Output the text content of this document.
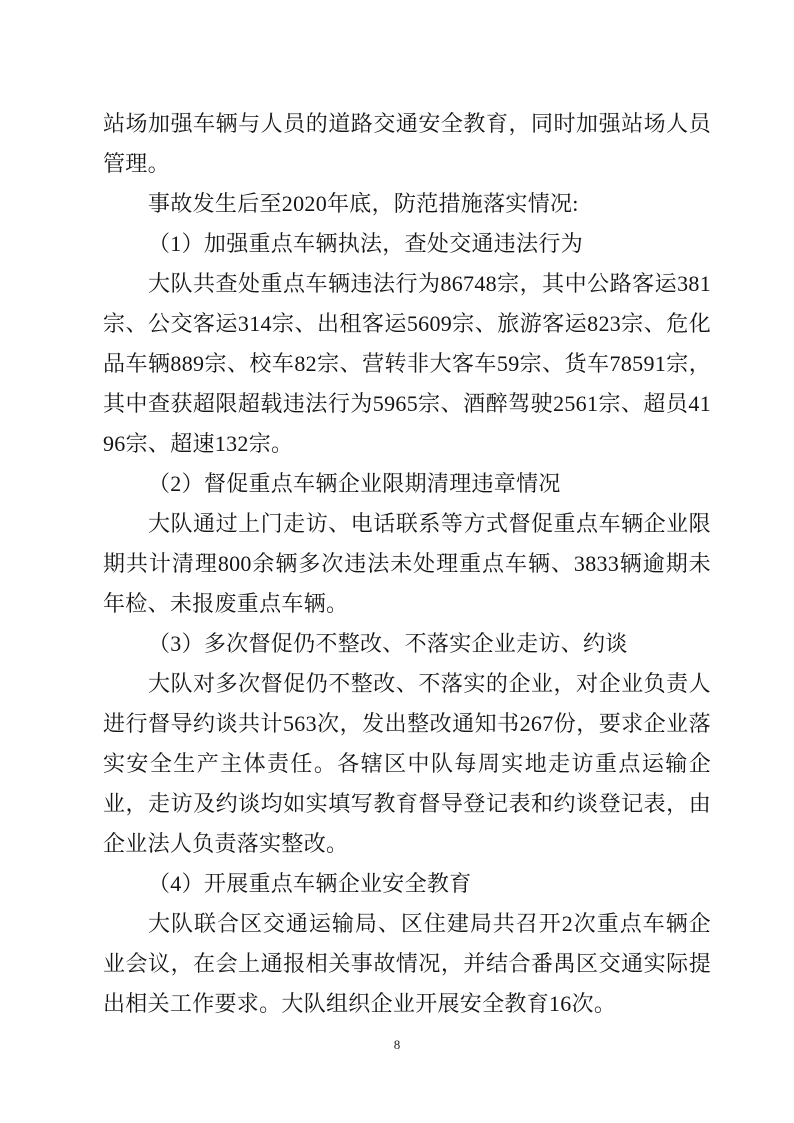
站场加强车辆与人员的道路交通安全教育，同时加强站场人员管理。

事故发生后至2020年底，防范措施落实情况:

（1）加强重点车辆执法，查处交通违法行为

大队共查处重点车辆违法行为86748宗，其中公路客运381宗、公交客运314宗、出租客运5609宗、旅游客运823宗、危化品车辆889宗、校车82宗、营转非大客车59宗、货车78591宗，其中查获超限超载违法行为5965宗、酒醉驾驶2561宗、超员4196宗、超速132宗。

（2）督促重点车辆企业限期清理违章情况

大队通过上门走访、电话联系等方式督促重点车辆企业限期共计清理800余辆多次违法未处理重点车辆、3833辆逾期未年检、未报废重点车辆。

（3）多次督促仍不整改、不落实企业走访、约谈

大队对多次督促仍不整改、不落实的企业，对企业负责人进行督导约谈共计563次，发出整改通知书267份，要求企业落实安全生产主体责任。各辖区中队每周实地走访重点运输企业，走访及约谈均如实填写教育督导登记表和约谈登记表，由企业法人负责落实整改。

（4）开展重点车辆企业安全教育

大队联合区交通运输局、区住建局共召开2次重点车辆企业会议，在会上通报相关事故情况，并结合番禺区交通实际提出相关工作要求。大队组织企业开展安全教育16次。

8
